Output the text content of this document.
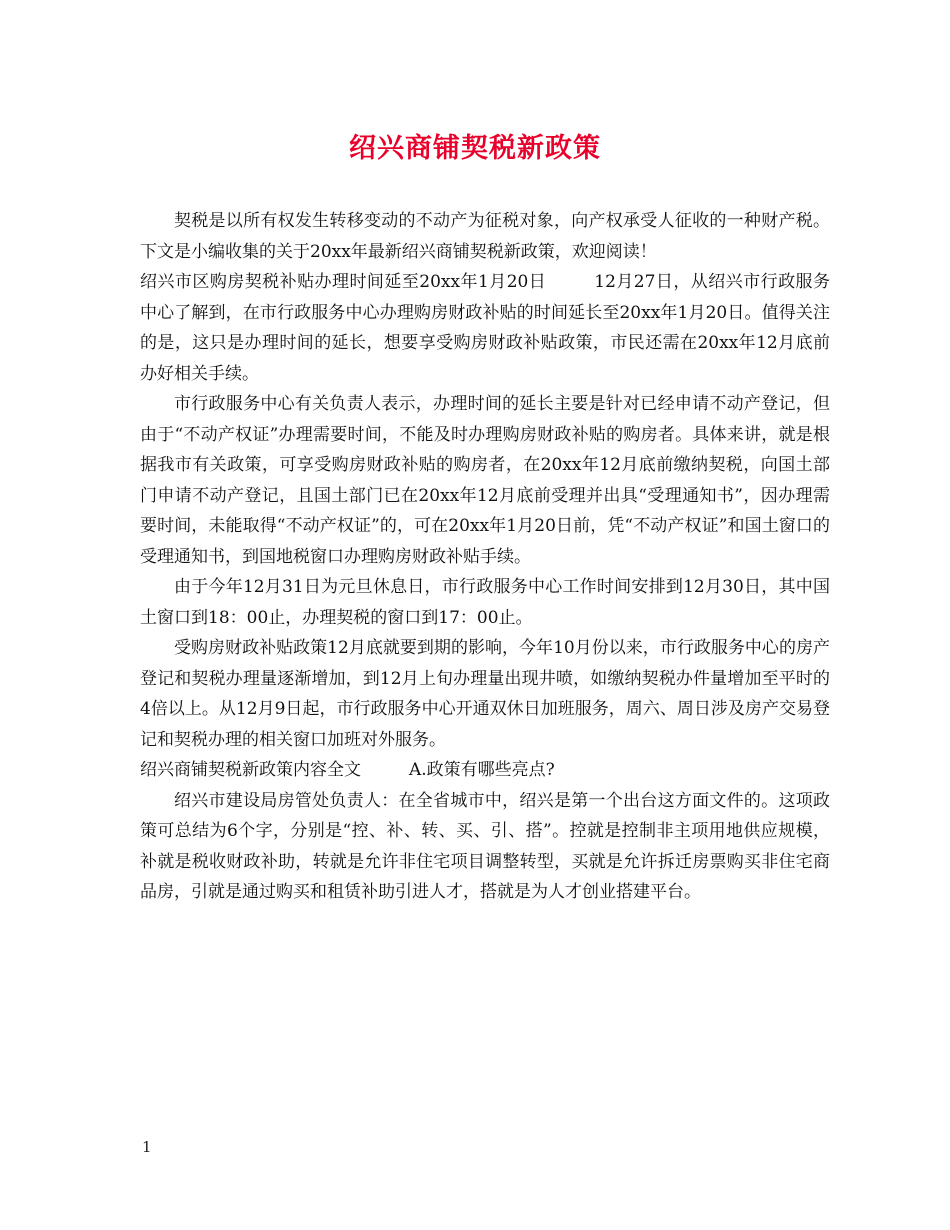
绍兴商铺契税新政策

契税是以所有权发生转移变动的不动产为征税对象，向产权承受人征收的一种财产税。下文是小编收集的关于20xx年最新绍兴商铺契税新政策，欢迎阅读！

绍兴市区购房契税补贴办理时间延至20xx年1月20日	12月27日，从绍兴市行政服务中心了解到，在市行政服务中心办理购房财政补贴的时间延长至20xx年1月20日。值得关注的是，这只是办理时间的延长，想要享受购房财政补贴政策，市民还需在20xx年12月底前办好相关手续。

市行政服务中心有关负责人表示，办理时间的延长主要是针对已经申请不动产登记，但由于“不动产权证”办理需要时间，不能及时办理购房财政补贴的购房者。具体来讲，就是根据我市有关政策，可享受购房财政补贴的购房者，在20xx年12月底前缴纳契税，向国土部门申请不动产登记，且国土部门已在20xx年12月底前受理并出具“受理通知书”，因办理需要时间，未能取得“不动产权证”的，可在20xx年1月20日前，凭“不动产权证”和国土窗口的受理通知书，到国地税窗口办理购房财政补贴手续。

由于今年12月31日为元旦休息日，市行政服务中心工作时间安排到12月30日，其中国土窗口到18：00止，办理契税的窗口到17：00止。

受购房财政补贴政策12月底就要到期的影响，今年10月份以来，市行政服务中心的房产登记和契税办理量逐渐增加，到12月上旬办理量出现井喷，如缴纳契税办件量增加至平时的4倍以上。从12月9日起，市行政服务中心开通双休日加班服务，周六、周日涉及房产交易登记和契税办理的相关窗口加班对外服务。

绍兴商铺契税新政策内容全文	A.政策有哪些亮点?

绍兴市建设局房管处负责人：在全省城市中，绍兴是第一个出台这方面文件的。这项政策可总结为6个字，分别是“控、补、转、买、引、搭”。控就是控制非主项用地供应规模，补就是税收财政补助，转就是允许非住宅项目调整转型，买就是允许拆迁房票购买非住宅商品房，引就是通过购买和租赁补助引进人才，搭就是为人才创业搭建平台。

1
